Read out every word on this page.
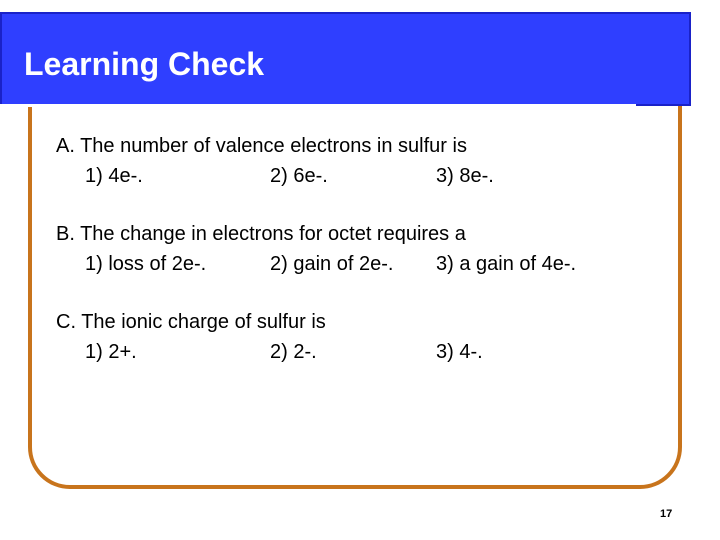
Learning Check
A. The number of valence electrons in sulfur is
1) 4e-.	2) 6e-.	3) 8e-.
B. The change in electrons for octet requires a
1) loss of 2e-.	2) gain of 2e-. 3) a gain of 4e-.
C. The ionic charge of sulfur is
1) 2+.	2) 2-.	3) 4-.
17
